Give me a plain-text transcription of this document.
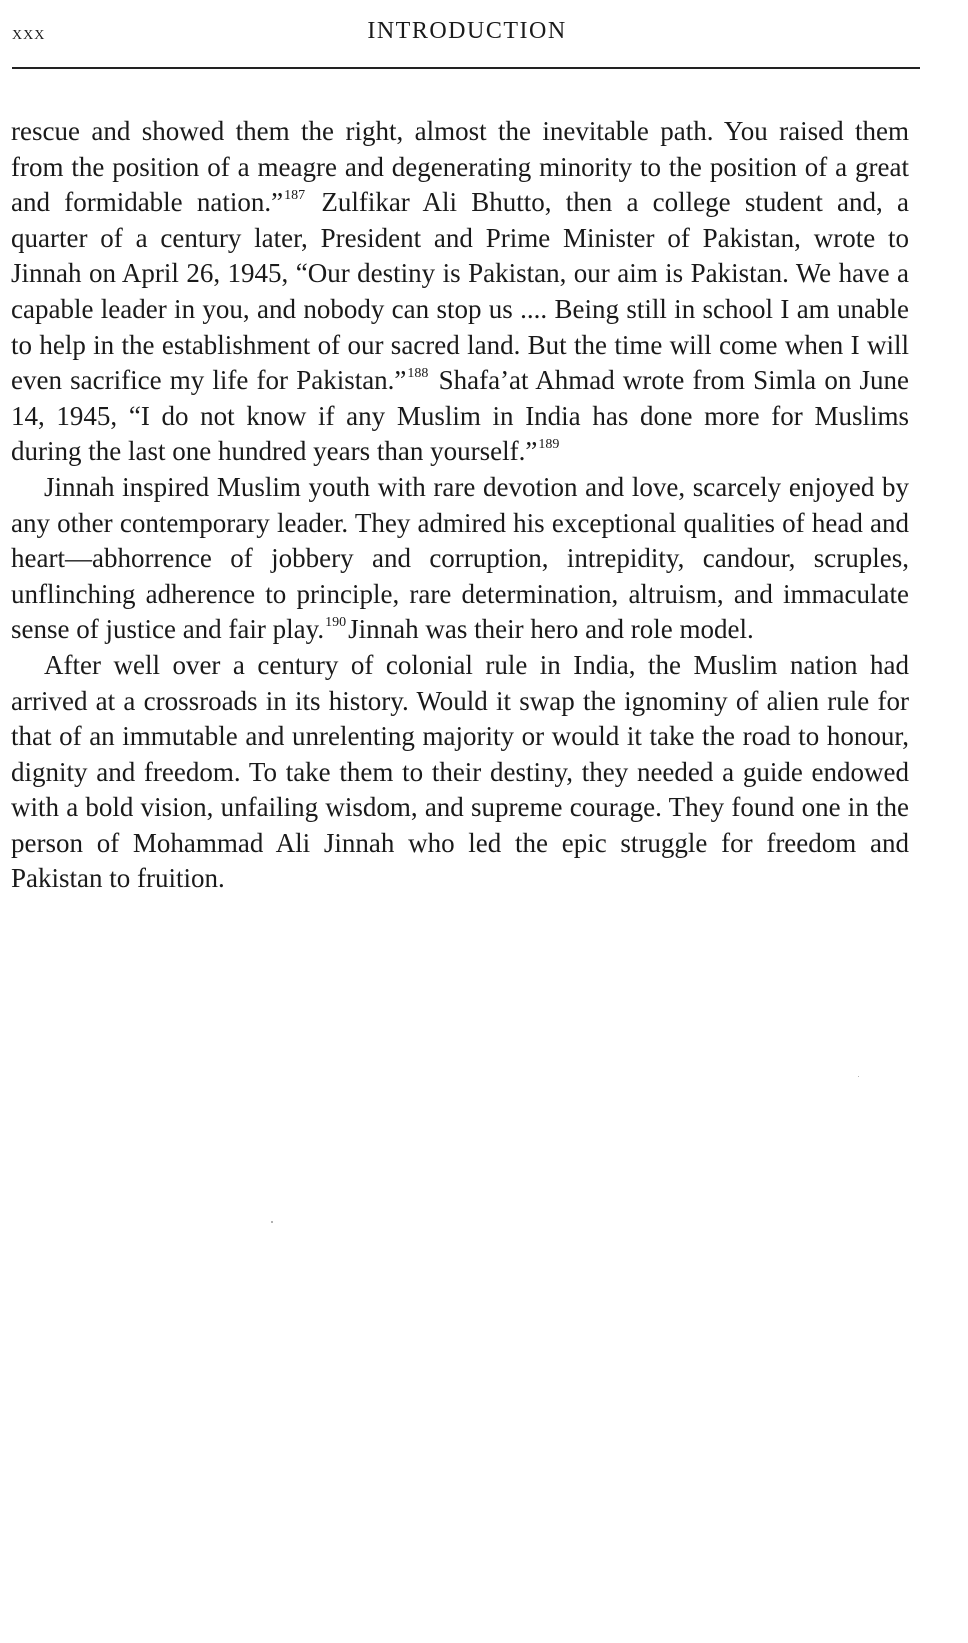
xxx	INTRODUCTION

rescue and showed them the right, almost the inevitable path. You raised them from the position of a meagre and degenerating minority to the position of a great and formidable nation.”$^{187}$ Zulfikar Ali Bhutto, then a college student and, a quarter of a century later, President and Prime Minister of Pakistan, wrote to Jinnah on April 26, 1945, “Our destiny is Pakistan, our aim is Pakistan. We have a capable leader in you, and nobody can stop us .... Being still in school I am unable to help in the establishment of our sacred land. But the time will come when I will even sacrifice my life for Pakistan.”$^{188}$ Shafa’at Ahmad wrote from Simla on June 14, 1945, “I do not know if any Muslim in India has done more for Muslims during the last one hundred years than yourself.”$^{189}$

Jinnah inspired Muslim youth with rare devotion and love, scarcely enjoyed by any other contemporary leader. They admired his exceptional qualities of head and heart—abhorrence of jobbery and corruption, intrepidity, candour, scruples, unflinching adherence to principle, rare determination, altruism, and immaculate sense of justice and fair play.$^{190}$Jinnah was their hero and role model.

After well over a century of colonial rule in India, the Muslim nation had arrived at a crossroads in its history. Would it swap the ignominy of alien rule for that of an immutable and unrelenting majority or would it take the road to honour, dignity and freedom. To take them to their destiny, they needed a guide endowed with a bold vision, unfailing wisdom, and supreme courage. They found one in the person of Mohammad Ali Jinnah who led the epic struggle for freedom and Pakistan to fruition.
